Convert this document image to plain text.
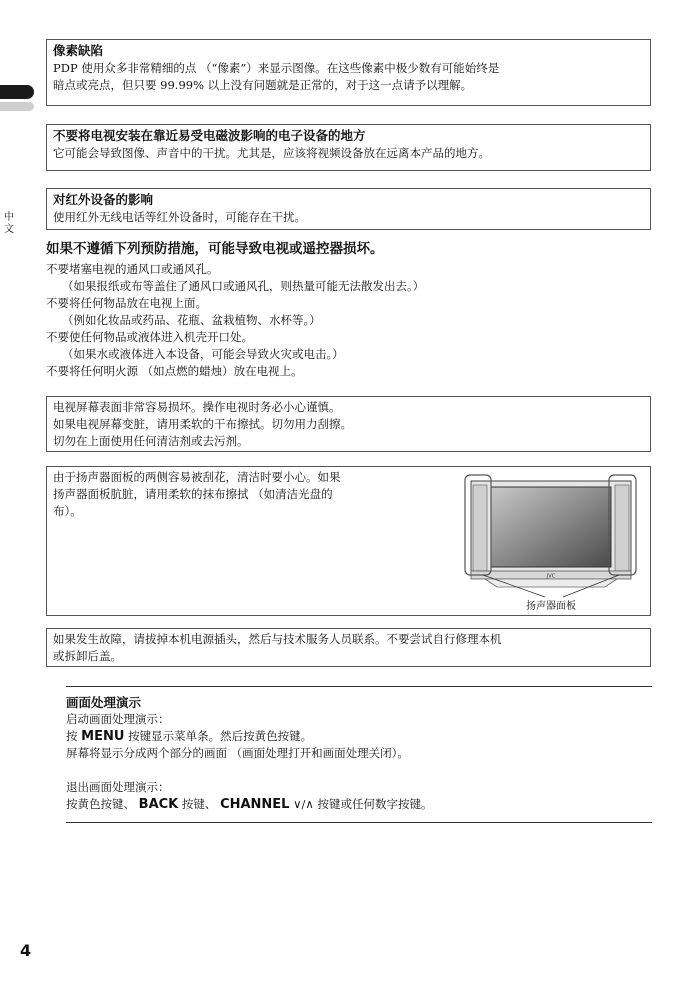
中文

像素缺陷

PDP 使用众多非常精细的点 （“像素”）来显示图像。在这些像素中极少数有可能始终是

暗点或亮点，但只要 99.99% 以上没有问题就是正常的，对于这一点请予以理解。

不要将电视安装在靠近易受电磁波影响的电子设备的地方

它可能会导致图像、声音中的干扰。尤其是，应该将视频设备放在远离本产品的地方。

对红外设备的影响

使用红外无线电话等红外设备时，可能存在干扰。

如果不遵循下列预防措施，可能导致电视或遥控器损坏。
不要堵塞电视的通风口或通风孔。
（如果报纸或布等盖住了通风口或通风孔，则热量可能无法散发出去。）
不要将任何物品放在电视上面。
（例如化妆品或药品、花瓶、盆栽植物、水杯等。）
不要使任何物品或液体进入机壳开口处。
（如果水或液体进入本设备，可能会导致火灾或电击。）
不要将任何明火源 （如点燃的蜡烛）放在电视上。

电视屏幕表面非常容易损坏。操作电视时务必小心谨慎。

如果电视屏幕变脏，请用柔软的干布擦拭。切勿用力刮擦。

切勿在上面使用任何清洁剂或去污剂。

由于扬声器面板的两侧容易被刮花，清洁时要小心。如果

扬声器面板肮脏，请用柔软的抹布擦拭 （如清洁光盘的

布）。

JVC
扬声器面板

如果发生故障，请拔掉本机电源插头，然后与技术服务人员联系。不要尝试自行修理本机

或拆卸后盖。

画面处理演示

启动画面处理演示：

按 MENU 按键显示菜单条。然后按黄色按键。

屏幕将显示分成两个部分的画面 （画面处理打开和画面处理关闭）。

退出画面处理演示：

按黄色按键、 BACK 按键、 CHANNEL ∨/∧ 按键或任何数字按键。

4
